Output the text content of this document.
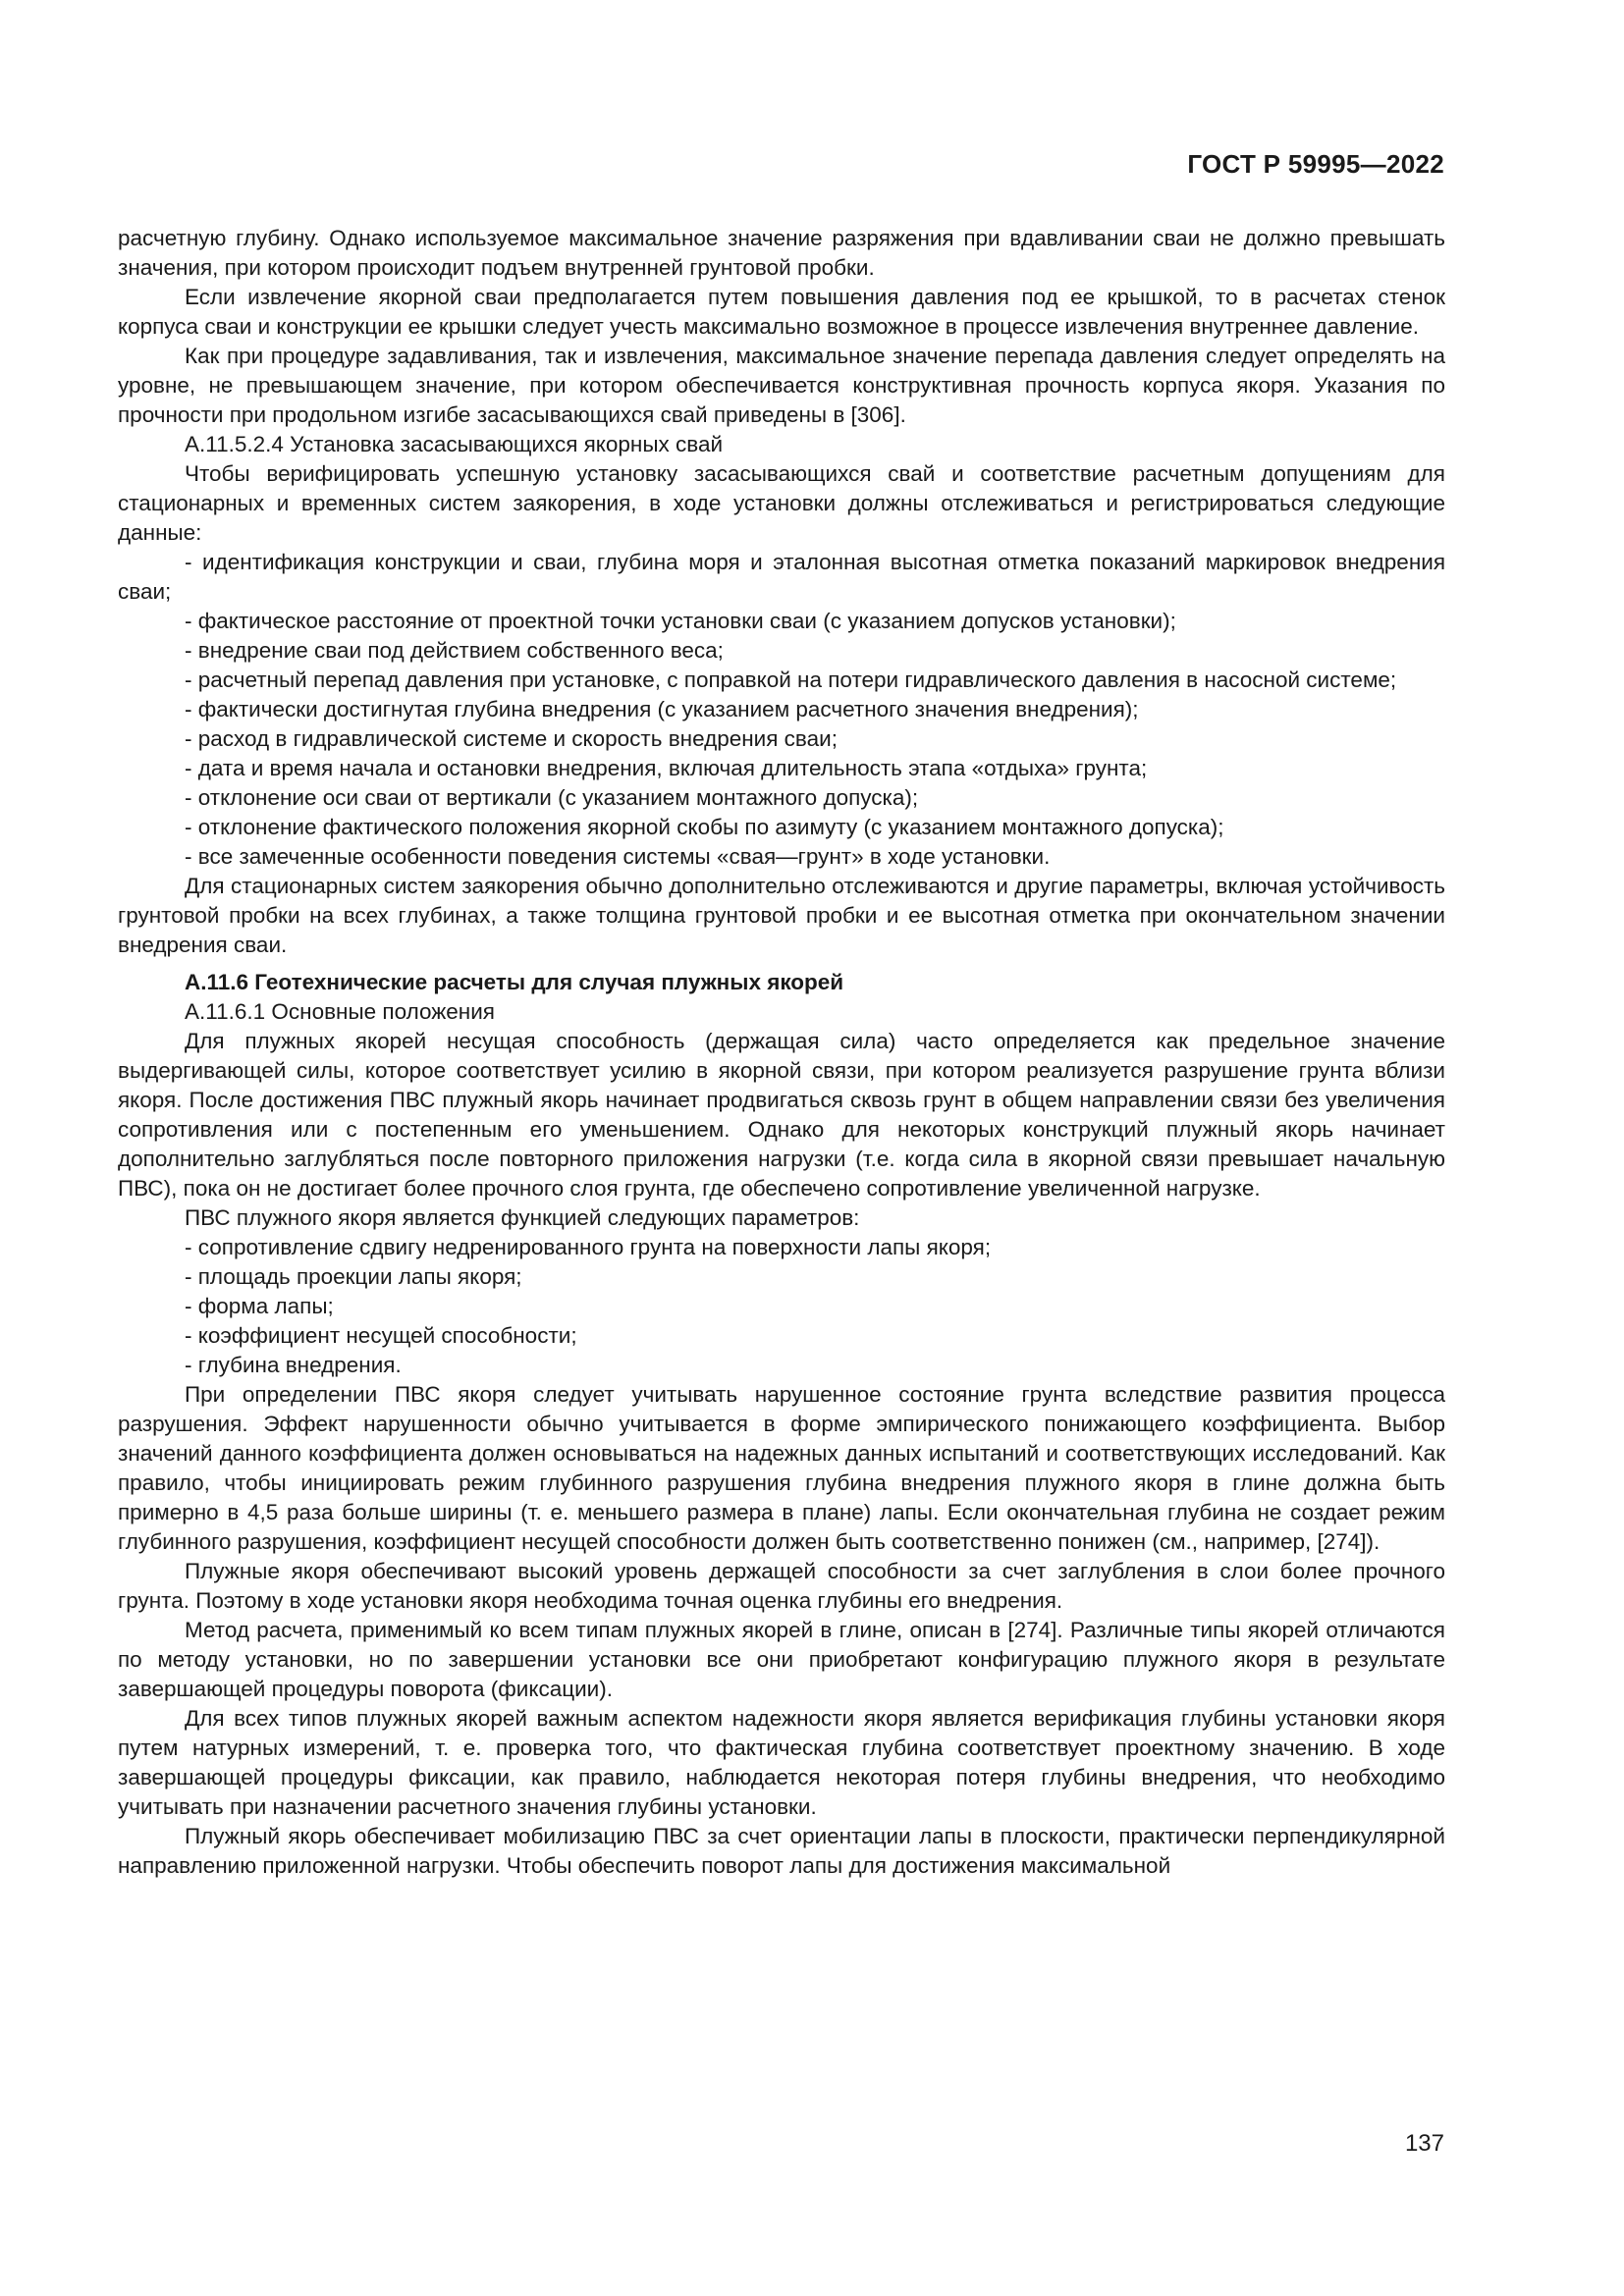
ГОСТ Р 59995—2022

расчетную глубину. Однако используемое максимальное значение разряжения при вдавливании сваи не должно превышать значения, при котором происходит подъем внутренней грунтовой пробки.

Если извлечение якорной сваи предполагается путем повышения давления под ее крышкой, то в расчетах стенок корпуса сваи и конструкции ее крышки следует учесть максимально возможное в процессе извлечения внутреннее давление.

Как при процедуре задавливания, так и извлечения, максимальное значение перепада давления следует определять на уровне, не превышающем значение, при котором обеспечивается конструктивная прочность корпуса якоря. Указания по прочности при продольном изгибе засасывающихся свай приведены в [306].

А.11.5.2.4 Установка засасывающихся якорных свай

Чтобы верифицировать успешную установку засасывающихся свай и соответствие расчетным допущениям для стационарных и временных систем заякорения, в ходе установки должны отслеживаться и регистрироваться следующие данные:

- идентификация конструкции и сваи, глубина моря и эталонная высотная отметка показаний маркировок внедрения сваи;

- фактическое расстояние от проектной точки установки сваи (с указанием допусков установки);

- внедрение сваи под действием собственного веса;

- расчетный перепад давления при установке, с поправкой на потери гидравлического давления в насосной системе;

- фактически достигнутая глубина внедрения (с указанием расчетного значения внедрения);

- расход в гидравлической системе и скорость внедрения сваи;

- дата и время начала и остановки внедрения, включая длительность этапа «отдыха» грунта;

- отклонение оси сваи от вертикали (с указанием монтажного допуска);

- отклонение фактического положения якорной скобы по азимуту (с указанием монтажного допуска);

- все замеченные особенности поведения системы «свая—грунт» в ходе установки.

Для стационарных систем заякорения обычно дополнительно отслеживаются и другие параметры, включая устойчивость грунтовой пробки на всех глубинах, а также толщина грунтовой пробки и ее высотная отметка при окончательном значении внедрения сваи.

А.11.6 Геотехнические расчеты для случая плужных якорей

А.11.6.1 Основные положения

Для плужных якорей несущая способность (держащая сила) часто определяется как предельное значение выдергивающей силы, которое соответствует усилию в якорной связи, при котором реализуется разрушение грунта вблизи якоря. После достижения ПВС плужный якорь начинает продвигаться сквозь грунт в общем направлении связи без увеличения сопротивления или с постепенным его уменьшением. Однако для некоторых конструкций плужный якорь начинает дополнительно заглубляться после повторного приложения нагрузки (т.е. когда сила в якорной связи превышает начальную ПВС), пока он не достигает более прочного слоя грунта, где обеспечено сопротивление увеличенной нагрузке.

ПВС плужного якоря является функцией следующих параметров:

- сопротивление сдвигу недренированного грунта на поверхности лапы якоря;

- площадь проекции лапы якоря;

- форма лапы;

- коэффициент несущей способности;

- глубина внедрения.

При определении ПВС якоря следует учитывать нарушенное состояние грунта вследствие развития процесса разрушения. Эффект нарушенности обычно учитывается в форме эмпирического понижающего коэффициента. Выбор значений данного коэффициента должен основываться на надежных данных испытаний и соответствующих исследований. Как правило, чтобы инициировать режим глубинного разрушения глубина внедрения плужного якоря в глине должна быть примерно в 4,5 раза больше ширины (т. е. меньшего размера в плане) лапы. Если окончательная глубина не создает режим глубинного разрушения, коэффициент несущей способности должен быть соответственно понижен (см., например, [274]).

Плужные якоря обеспечивают высокий уровень держащей способности за счет заглубления в слои более прочного грунта. Поэтому в ходе установки якоря необходима точная оценка глубины его внедрения.

Метод расчета, применимый ко всем типам плужных якорей в глине, описан в [274]. Различные типы якорей отличаются по методу установки, но по завершении установки все они приобретают конфигурацию плужного якоря в результате завершающей процедуры поворота (фиксации).

Для всех типов плужных якорей важным аспектом надежности якоря является верификация глубины установки якоря путем натурных измерений, т. е. проверка того, что фактическая глубина соответствует проектному значению. В ходе завершающей процедуры фиксации, как правило, наблюдается некоторая потеря глубины внедрения, что необходимо учитывать при назначении расчетного значения глубины установки.

Плужный якорь обеспечивает мобилизацию ПВС за счет ориентации лапы в плоскости, практически перпендикулярной направлению приложенной нагрузки. Чтобы обеспечить поворот лапы для достижения максимальной

137
